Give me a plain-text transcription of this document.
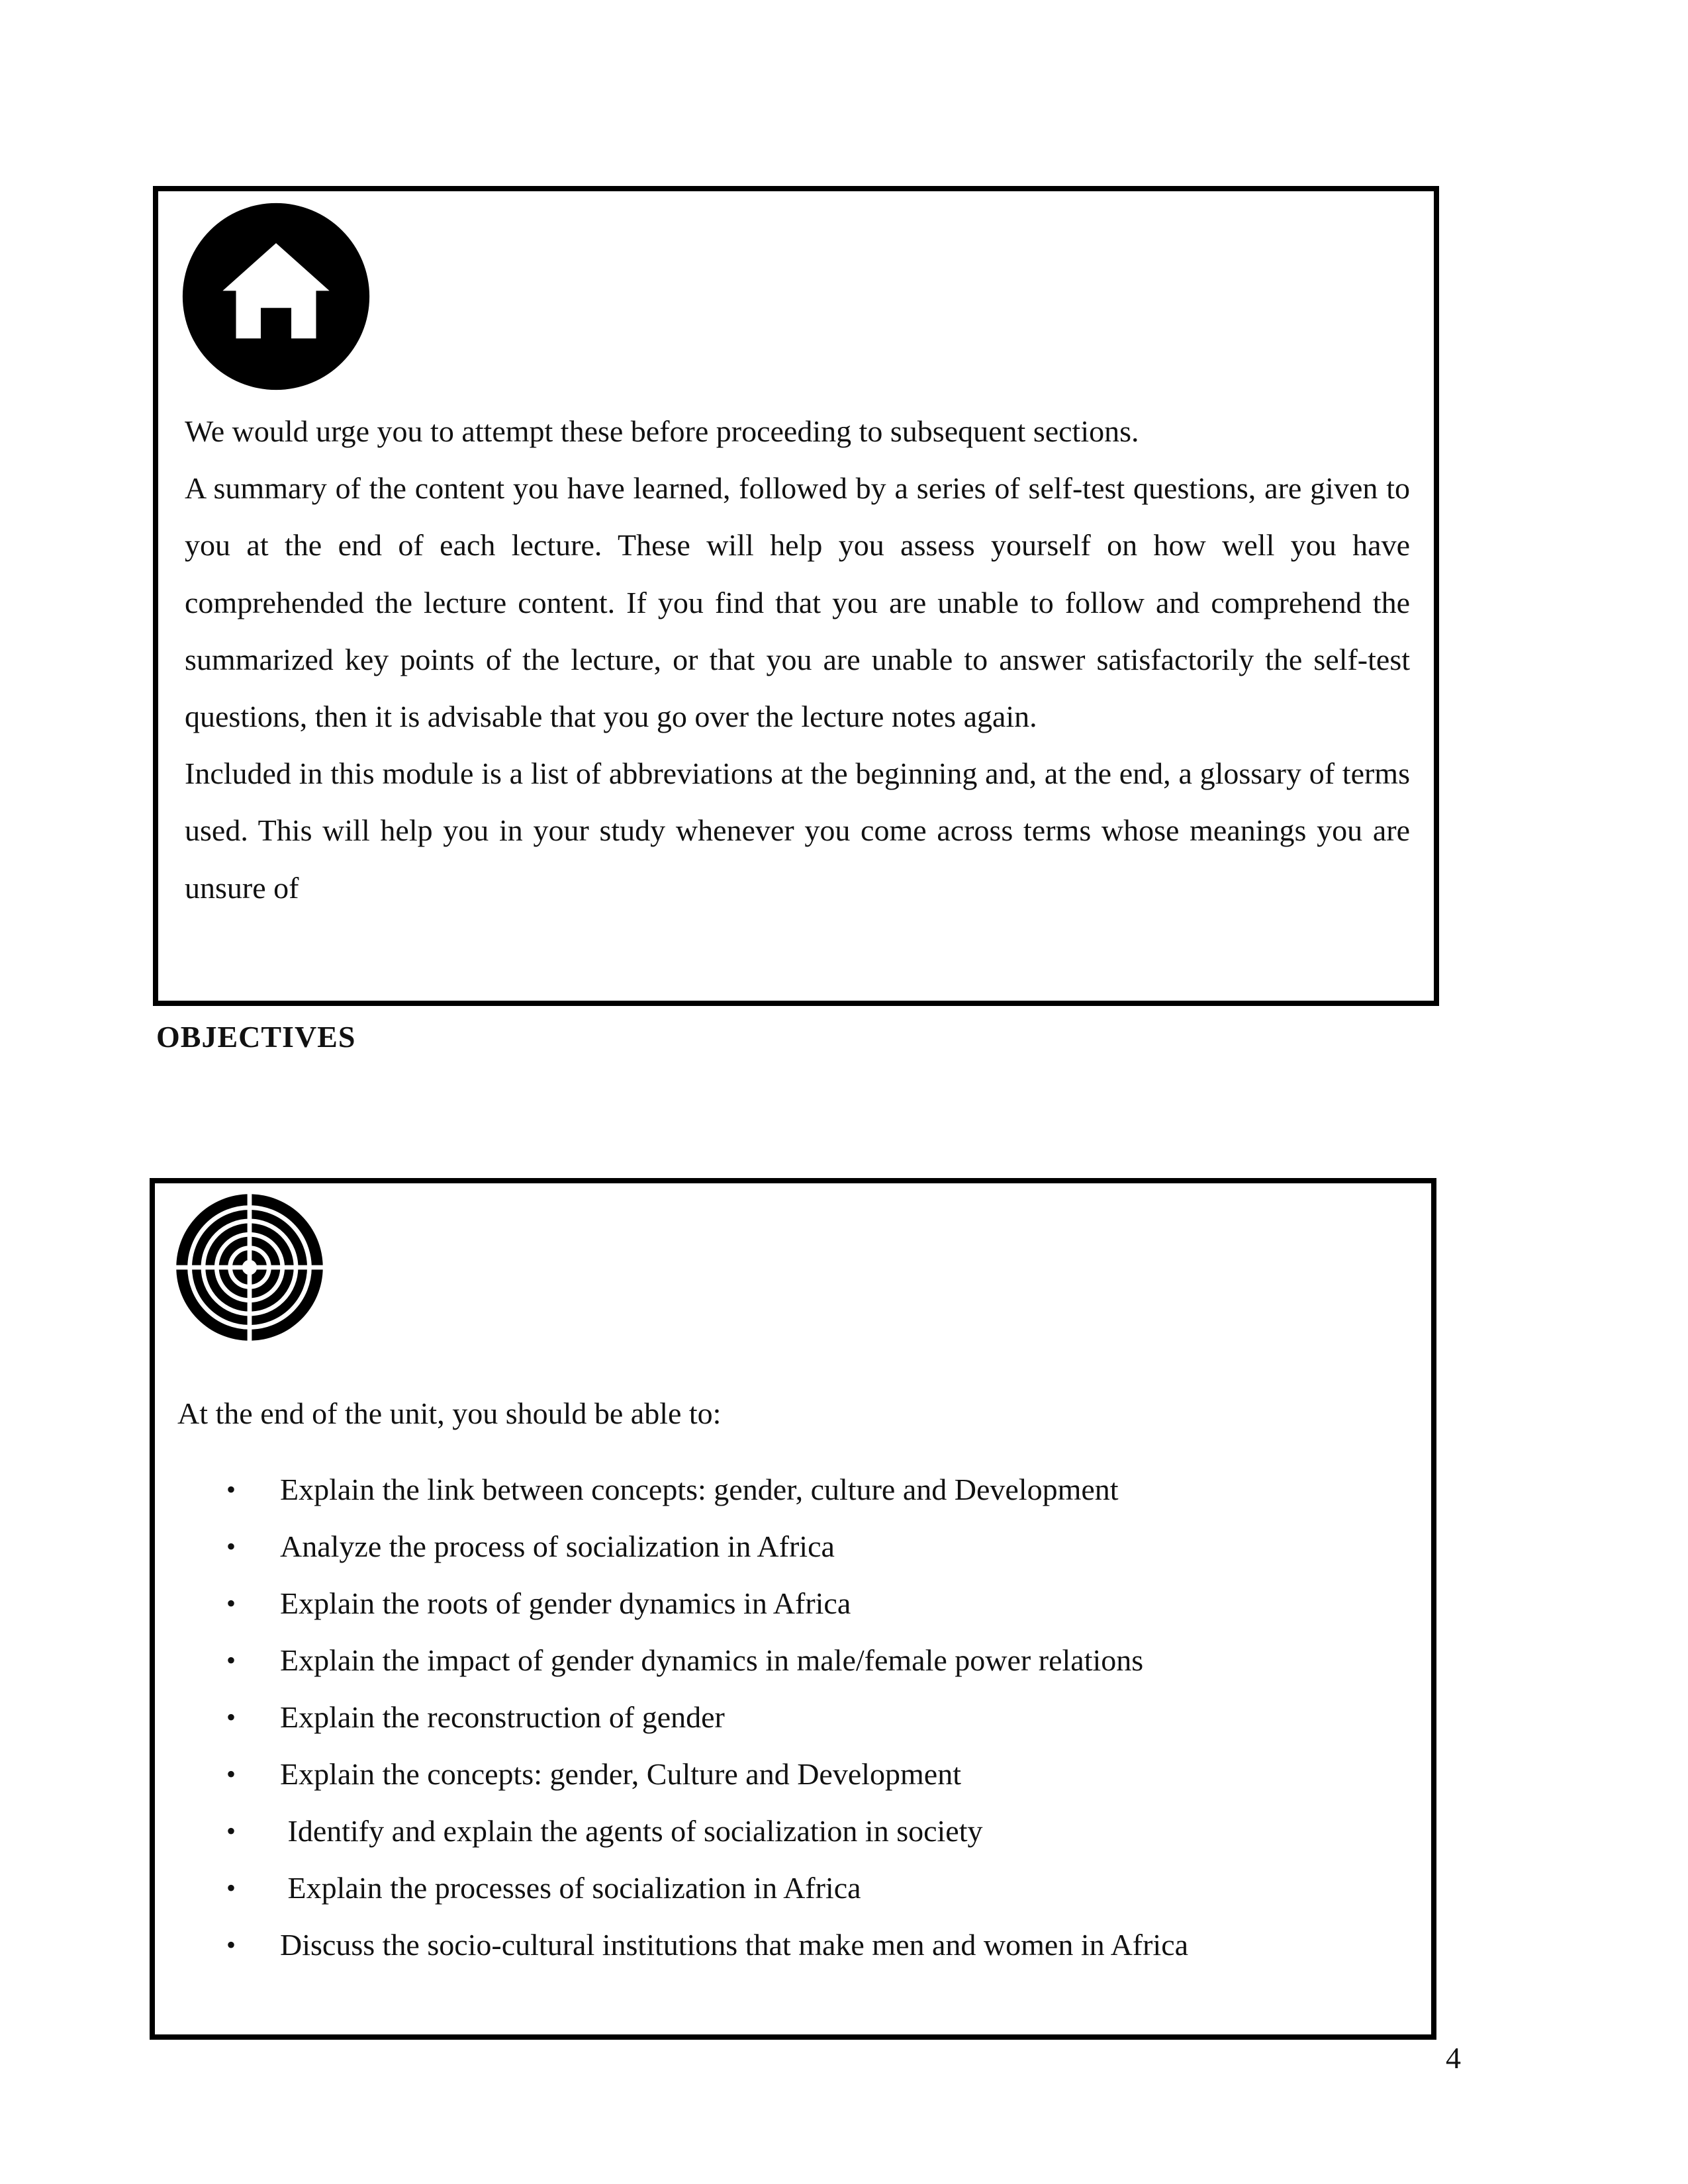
We would urge you to attempt these before proceeding to subsequent sections.

A summary of the content you have learned, followed by a series of self-test questions, are given to you at the end of each lecture. These will help you assess yourself on how well you have comprehended the lecture content. If you find that you are unable to follow and comprehend the summarized key points of the lecture, or that you are unable to answer satisfactorily the self-test questions, then it is advisable that you go over the lecture notes again.

Included in this module is a list of abbreviations at the beginning and, at the end, a glossary of terms used. This will help you in your study whenever you come across terms whose meanings you are unsure of

OBJECTIVES
At the end of the unit, you should be able to:
• Explain the link between concepts: gender, culture and Development
• Analyze the process of socialization in Africa
• Explain the roots of gender dynamics in Africa
• Explain the impact of gender dynamics in male/female power relations
• Explain the reconstruction of gender
• Explain the concepts: gender, Culture and Development
• Identify and explain the agents of socialization in society
• Explain the processes of socialization in Africa
• Discuss the socio-cultural institutions that make men and women in Africa
4
